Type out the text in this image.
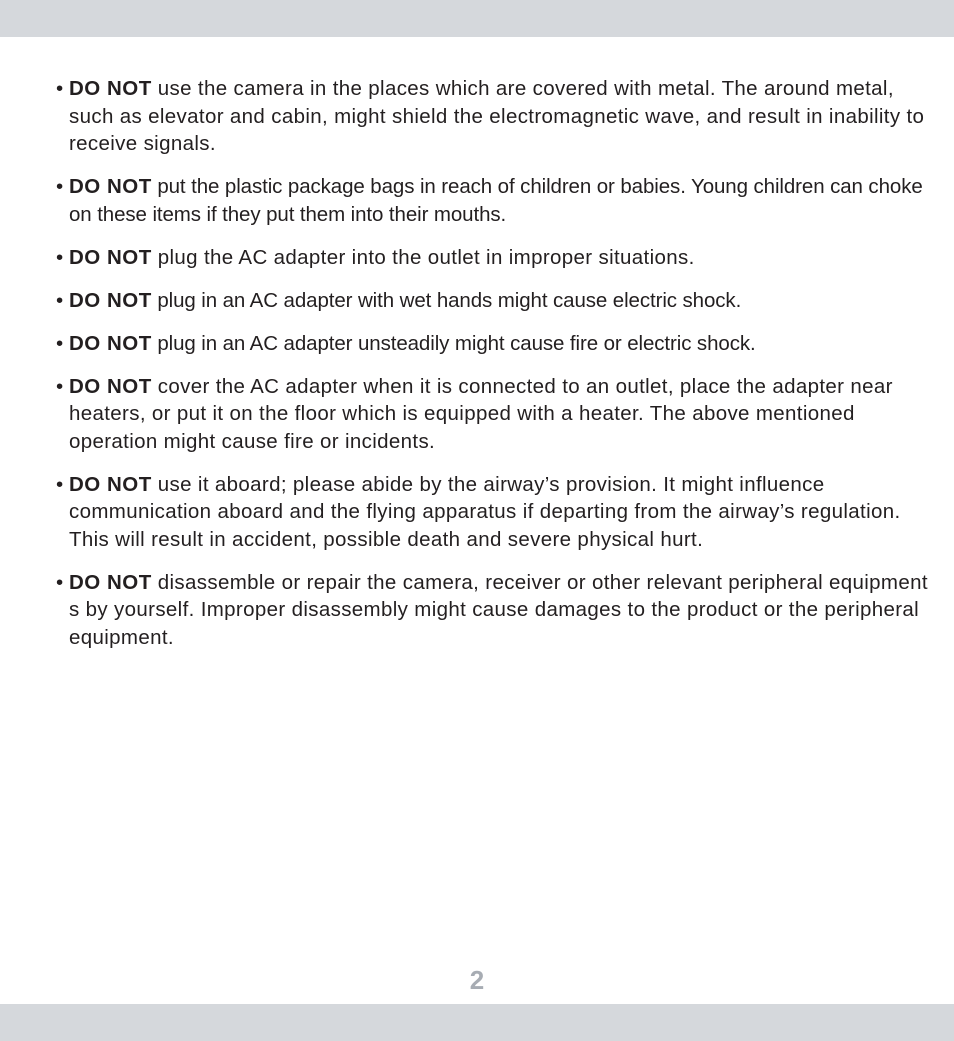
• DO NOT use the camera in the places which are covered with metal. The around metal, such as elevator and cabin, might shield the electromagnetic wave, and result in inability to receive signals.
• DO NOT put the plastic package bags in reach of children or babies. Young children can choke on these items if they put them into their mouths.
• DO NOT plug the AC adapter into the outlet in improper situations.
• DO NOT plug in an AC adapter with wet hands might cause electric shock.
• DO NOT plug in an AC adapter unsteadily might cause fire or electric shock.
• DO NOT cover the AC adapter when it is connected to an outlet, place the adapter near heaters, or put it on the floor which is equipped with a heater. The above mentioned operation might cause fire or incidents.
• DO NOT use it aboard; please abide by the airway’s provision. It might influence communication aboard and the flying apparatus if departing from the airway’s regulation. This will result in accident, possible death and severe physical hurt.
• DO NOT disassemble or repair the camera, receiver or other relevant peripheral equipment s by yourself. Improper disassembly might cause damages to the product or the peripheral equipment.
2
